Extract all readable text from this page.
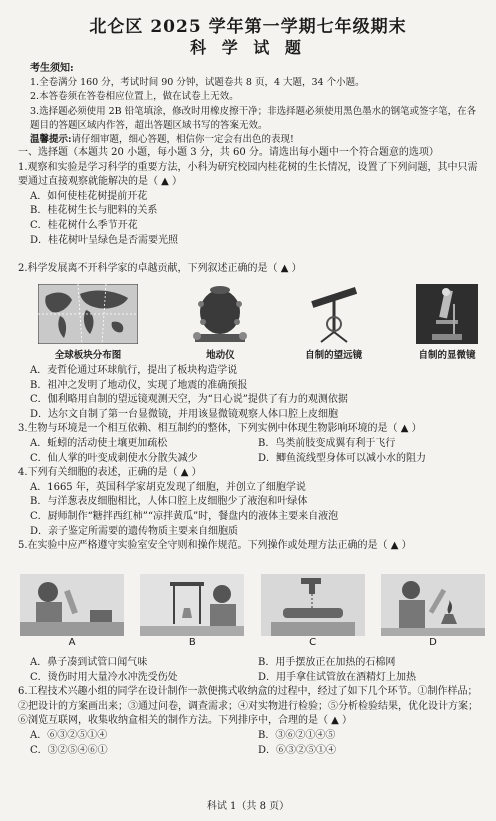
北仑区 2025 学年第一学期七年级期末
科 学 试 题
考生须知:
1.全卷满分 160 分，考试时间 90 分钟，试题卷共 8 页，4 大题，34 个小题。
2.本答卷须在答卷相应位置上，做在试卷上无效。
3.选择题必须使用 2B 铅笔填涂，修改时用橡皮擦干净；非选择题必须使用黑色墨水的钢笔或签字笔，在各题目的答题区域内作答，超出答题区域书写的答案无效。
温馨提示:请仔细审题，细心答题，相信你一定会有出色的表现!
一、选择题（本题共 20 小题，每小题 3 分，共 60 分。请选出每小题中一个符合题意的选项）
1.观察和实验是学习科学的重要方法，小科为研究校园内桂花树的生长情况，设置了下列问题，其中只需要通过直接观察就能解决的是（ ▲ ）
A．如何使桂花树提前开花
B．桂花树生长与肥料的关系
C．桂花树什么季节开花
D．桂花树叶呈绿色是否需要光照
2.科学发展离不开科学家的卓越贡献，下列叙述正确的是（ ▲ ）
全球板块分布图	地动仪	自制的望远镜	自制的显微镜
A．麦哲伦通过环球航行，提出了板块构造学说
B．祖冲之发明了地动仪，实现了地震的准确预报
C．伽利略用自制的望远镜观测天空，为“日心说”提供了有力的观测依据
D．达尔文自制了第一台显微镜，并用该显微镜观察人体口腔上皮细胞
3.生物与环境是一个相互依赖、相互制约的整体，下列实例中体现生物影响环境的是（ ▲ ）
A．蚯蚓的活动使土壤更加疏松	B．鸟类前肢变成翼有利于飞行
C．仙人掌的叶变成刺使水分散失减少	D．鲫鱼流线型身体可以减小水的阻力
4.下列有关细胞的表述，正确的是（ ▲ ）
A．1665 年，英国科学家胡克发现了细胞，并创立了细胞学说
B．与洋葱表皮细胞相比，人体口腔上皮细胞少了液泡和叶绿体
C．厨师制作“糖拌西红柿”“凉拌黄瓜”时，餐盘内的液体主要来自液泡
D．亲子鉴定所需要的遗传物质主要来自细胞质
5.在实验中应严格遵守实验室安全守则和操作规范。下列操作或处理方法正确的是（ ▲ ）
A	B	C	D
A．鼻子凑到试管口闻气味	B．用手摆放正在加热的石棉网
C．烫伤时用大量冷水冲洗受伤处	D．用手拿住试管放在酒精灯上加热
6.工程技术兴趣小组的同学在设计制作一款便携式收纳盒的过程中，经过了如下几个环节。①制作样品；②把设计的方案画出来；③通过问卷，调查需求；④对实物进行检验；⑤分析检验结果，优化设计方案；⑥浏览互联网，收集收纳盒相关的制作方法。下列排序中，合理的是（ ▲ ）
A．⑥③②⑤①④	B．③⑥②①④⑤
C．③②⑤④⑥①	D．⑥③②⑤①④
科试 1（共 8 页）
